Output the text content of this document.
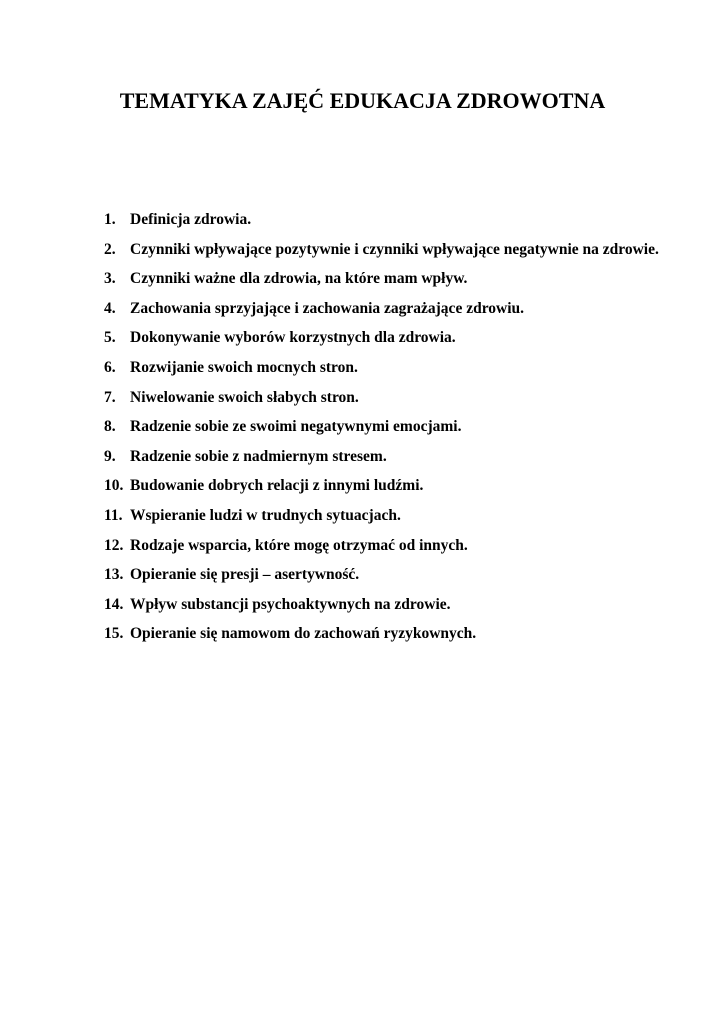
TEMATYKA ZAJĘĆ EDUKACJA ZDROWOTNA
1. Definicja zdrowia.
2. Czynniki wpływające pozytywnie i czynniki wpływające negatywnie na zdrowie.
3. Czynniki ważne dla zdrowia, na które mam wpływ.
4. Zachowania sprzyjające i zachowania zagrażające zdrowiu.
5. Dokonywanie wyborów korzystnych dla zdrowia.
6. Rozwijanie swoich mocnych stron.
7. Niwelowanie swoich słabych stron.
8. Radzenie sobie ze swoimi negatywnymi emocjami.
9. Radzenie sobie z nadmiernym stresem.
10. Budowanie dobrych relacji z innymi ludźmi.
11. Wspieranie ludzi w trudnych sytuacjach.
12. Rodzaje wsparcia, które mogę otrzymać od innych.
13. Opieranie się presji – asertywność.
14. Wpływ substancji psychoaktywnych na zdrowie.
15. Opieranie się namowom do zachowań ryzykownych.
